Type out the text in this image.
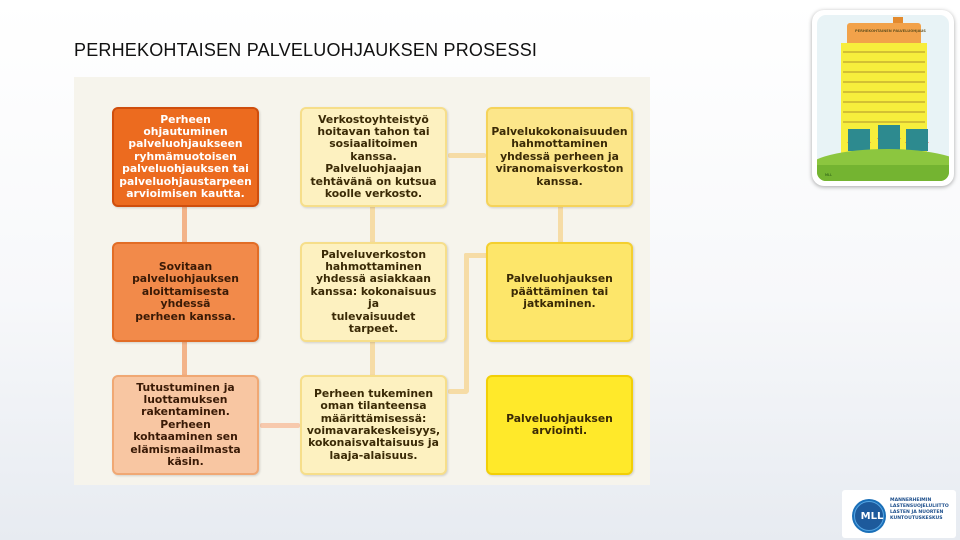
PERHEKOHTAISEN PALVELUOHJAUKSEN PROSESSI
Perheen ohjautuminen
palveluohjaukseen
ryhmämuotoisen
palveluohjauksen tai
palveluohjaustarpeen
arvioimisen kautta.
Sovitaan
palveluohjauksen
aloittamisesta yhdessä
perheen kanssa.
Tutustuminen ja
luottamuksen
rakentaminen. Perheen
kohtaaminen sen
elämismaailmasta käsin.
Perheen tukeminen
oman tilanteensa
määrittämisessä:
voimavarakeskeisyys,
kokonaisvaltaisuus ja
laaja-alaisuus.
Palveluverkoston
hahmottaminen
yhdessä asiakkaan
kanssa: kokonaisuus ja
tulevaisuudet tarpeet.
Verkostoyhteistyö
hoitavan tahon tai
sosiaalitoimen kanssa.
Palveluohjaajan
tehtävänä on kutsua
koolle verkosto.
Palvelukokonaisuuden
hahmottaminen
yhdessä perheen ja
viranomaisverkoston
kanssa.
Palveluohjauksen
päättäminen tai
jatkaminen.
Palveluohjauksen
arviointi.
PERHEKOHTAINEN PALVELUOHJAUS
MLL
MLL
MANNERHEIMIN
LASTENSUOJELULIITTO
LASTEN JA NUORTEN
KUNTOUTUSKESKUS
